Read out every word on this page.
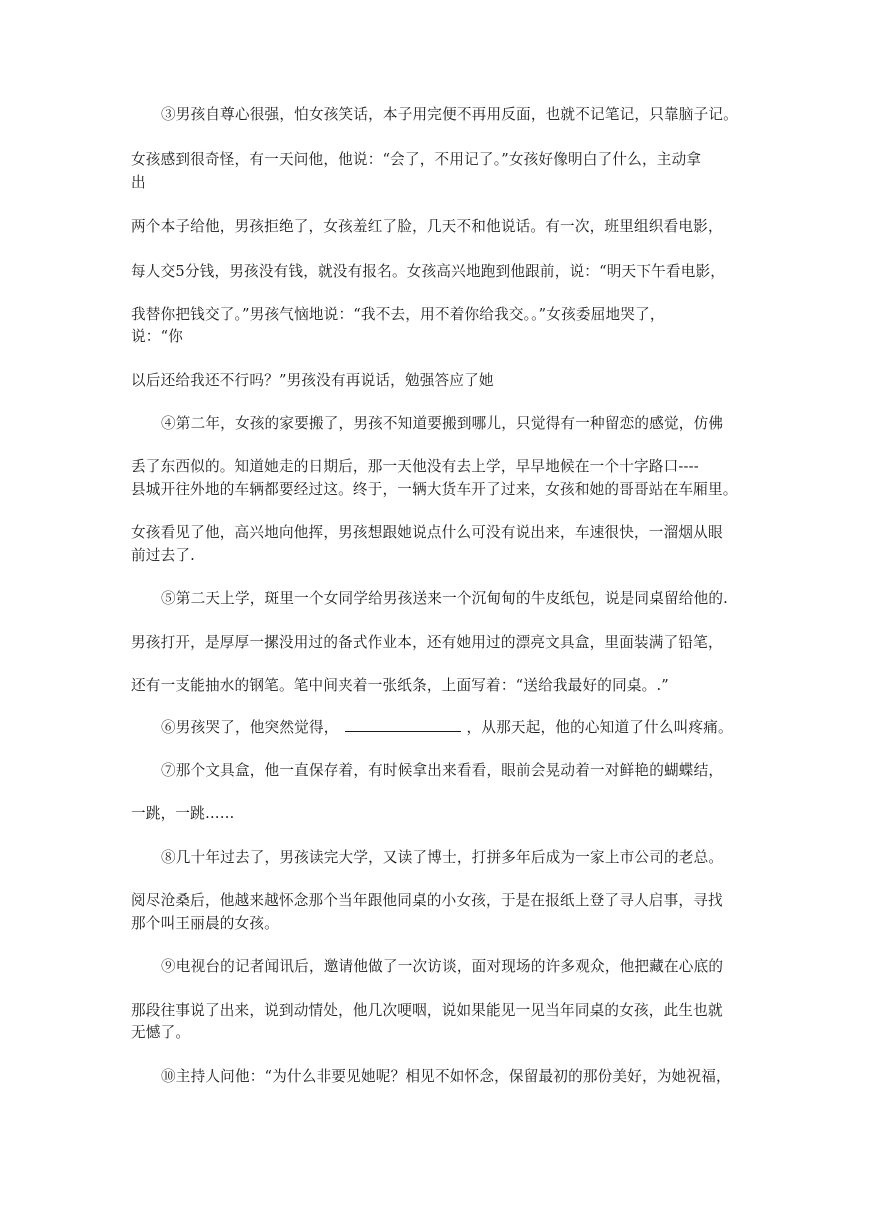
③男孩自尊心很强，怕女孩笑话，本子用完便不再用反面，也就不记笔记，只靠脑子记。
女孩感到很奇怪，有一天问他，他说：“会了，不用记了。”女孩好像明白了什么，主动拿
出
两个本子给他，男孩拒绝了，女孩羞红了脸，几天不和他说话。有一次，班里组织看电影，
每人交5分钱，男孩没有钱，就没有报名。女孩高兴地跑到他跟前，说：“明天下午看电影，
我替你把钱交了。”男孩气恼地说：“我不去，用不着你给我交。。”女孩委屈地哭了，
说：“你
以后还给我还不行吗？”男孩没有再说话，勉强答应了她
④第二年，女孩的家要搬了，男孩不知道要搬到哪儿，只觉得有一种留恋的感觉，仿佛
丢了东西似的。知道她走的日期后，那一天他没有去上学，早早地候在一个十字路口----
县城开往外地的车辆都要经过这。终于，一辆大货车开了过来，女孩和她的哥哥站在车厢里。
女孩看见了他，高兴地向他挥，男孩想跟她说点什么可没有说出来，车速很快，一溜烟从眼
前过去了.
⑤第二天上学，斑里一个女同学给男孩送来一个沉甸甸的牛皮纸包，说是同桌留给他的.
男孩打开，是厚厚一摞没用过的备式作业本，还有她用过的漂亮文具盒，里面装满了铅笔，
还有一支能抽水的钢笔。笔中间夹着一张纸条，上面写着：“送给我最好的同桌。.”
⑥男孩哭了，他突然觉得，	，从那天起，他的心知道了什么叫疼痛。
⑦那个文具盒，他一直保存着，有时候拿出来看看，眼前会晃动着一对鲜艳的蝴蝶结，
一跳，一跳……
⑧几十年过去了，男孩读完大学，又读了博士，打拼多年后成为一家上市公司的老总。
阅尽沧桑后，他越来越怀念那个当年跟他同桌的小女孩，于是在报纸上登了寻人启事，寻找
那个叫王丽晨的女孩。
⑨电视台的记者闻讯后，邀请他做了一次访谈，面对现场的许多观众，他把藏在心底的
那段往事说了出来，说到动情处，他几次哽咽，说如果能见一见当年同桌的女孩，此生也就
无憾了。
⑩主持人问他：“为什么非要见她呢？相见不如怀念，保留最初的那份美好，为她祝福，
